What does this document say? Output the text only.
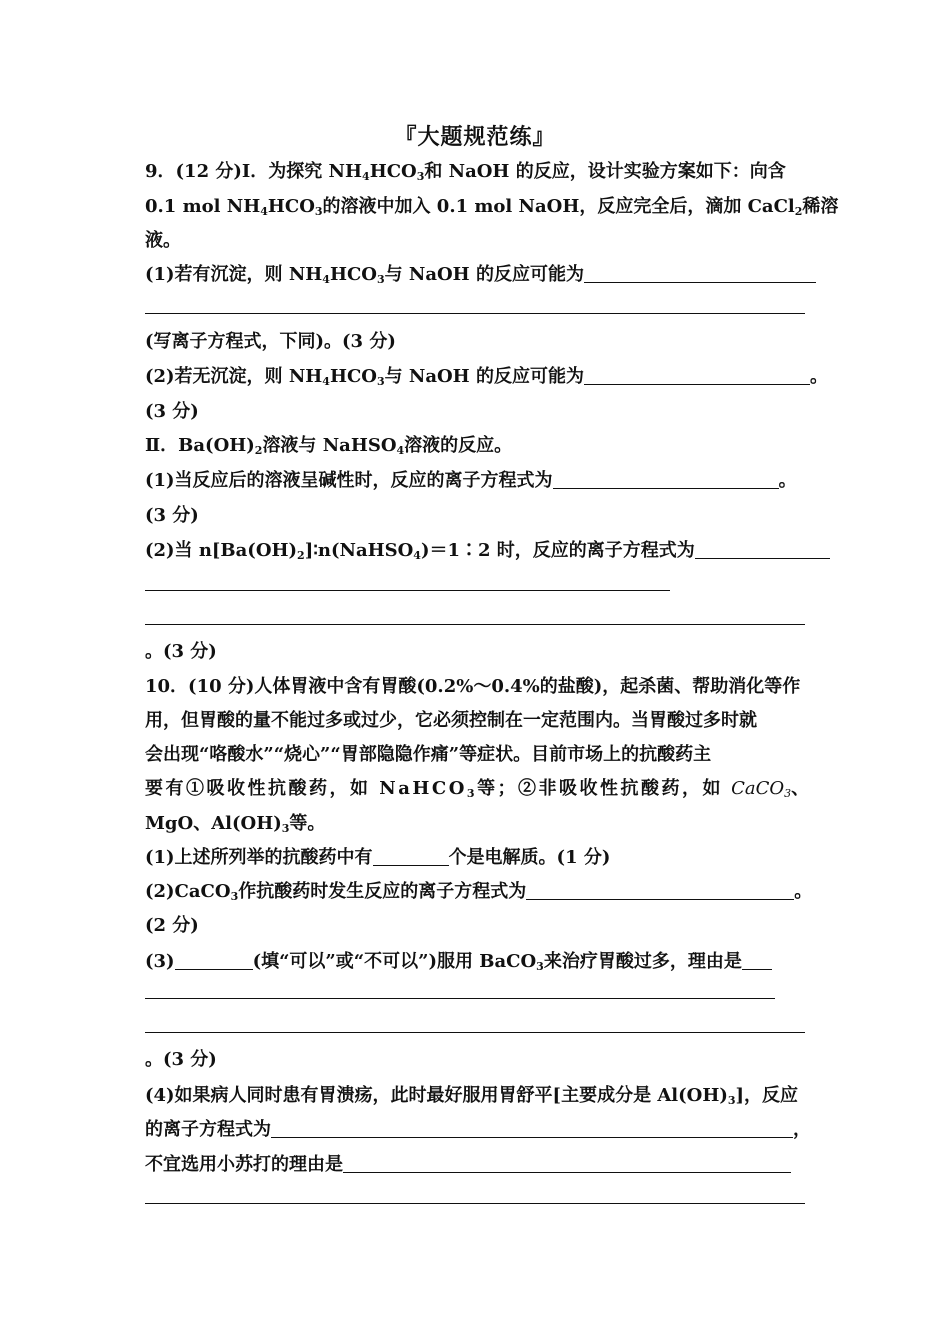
『大题规范练』
9．(12 分)Ⅰ．为探究 $NH_4HCO_3$和 NaOH 的反应，设计实验方案如下：向含
0.1 mol $NH_4HCO_3$的溶液中加入 0.1 mol NaOH，反应完全后，滴加 CaCl$_2$稀溶
液。
(1)若有沉淀，则 $NH_4HCO_3$与 NaOH 的反应可能为
(写离子方程式，下同)。(3 分)
(2)若无沉淀，则 $NH_4HCO_3$与 NaOH 的反应可能为	。
(3 分)
Ⅱ．$Ba(OH)_2$溶液与 NaHSO$_4$溶液的反应。
(1)当反应后的溶液呈碱性时，反应的离子方程式为	。
(3 分)
(2)当 $n[Ba(OH)_2]∶n(NaHSO_4)=1∶2$ 时，反应的离子方程式为
。(3 分)
10．(10 分)人体胃液中含有胃酸(0.2%～0.4%的盐酸)，起杀菌、帮助消化等作
用，但胃酸的量不能过多或过少，它必须控制在一定范围内。当胃酸过多时就
会出现“咯酸水”“烧心”“胃部隐隐作痛”等症状。目前市场上的抗酸药主
要有①吸收性抗酸药，如 NaHCO$_3$等；②非吸收性抗酸药，如 CaCO$_3$、
MgO、$Al(OH)_3$等。
(1)上述所列举的抗酸药中有	个是电解质。(1 分)
(2)CaCO$_3$作抗酸药时发生反应的离子方程式为	。
(2 分)
(3)	(填“可以”或“不可以”)服用 BaCO$_3$来治疗胃酸过多，理由是
。(3 分)
(4)如果病人同时患有胃溃疡，此时最好服用胃舒平[主要成分是 $Al(OH)_3$]，反应
的离子方程式为	，
不宜选用小苏打的理由是
